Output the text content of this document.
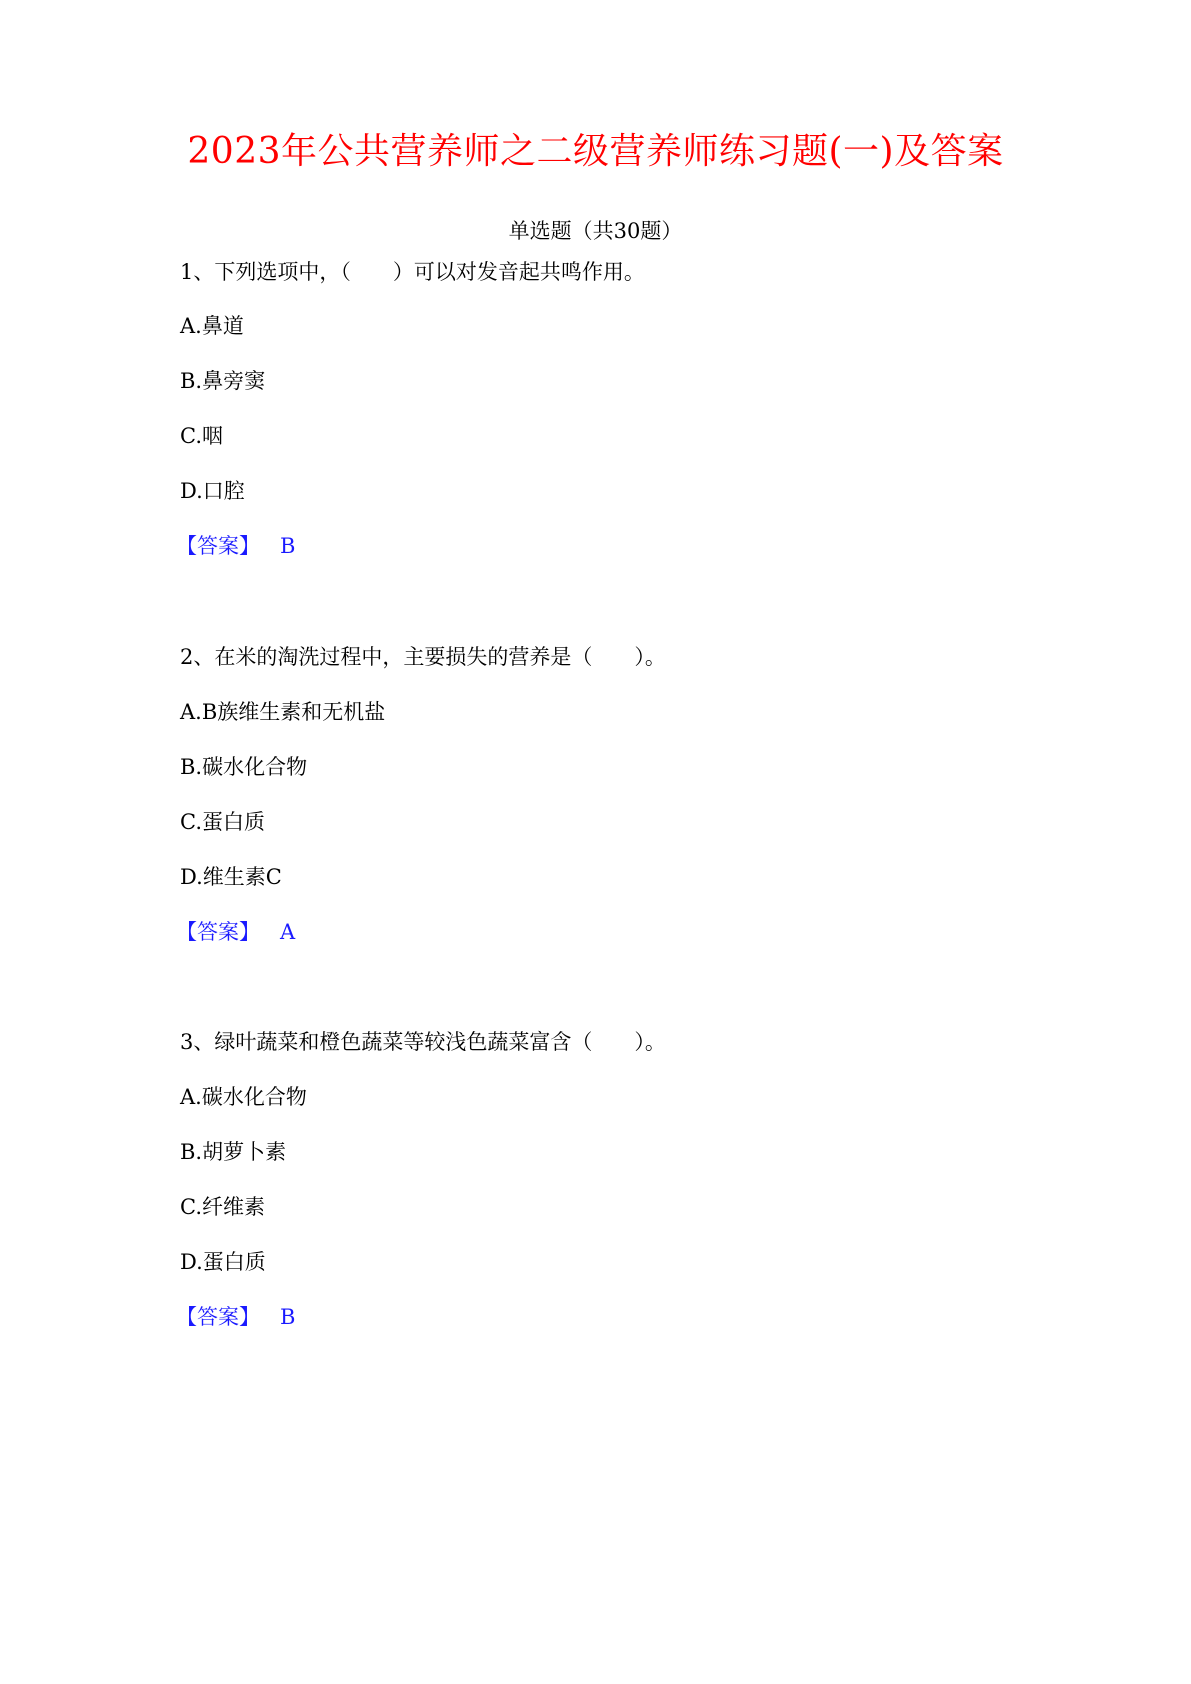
2023年公共营养师之二级营养师练习题(一)及答案
单选题（共30题）
1、下列选项中，（　　）可以对发音起共鸣作用。
A.鼻道
B.鼻旁窦
C.咽
D.口腔
【答案】 B
2、在米的淘洗过程中，主要损失的营养是（　　）。
A.B族维生素和无机盐
B.碳水化合物
C.蛋白质
D.维生素C
【答案】 A
3、绿叶蔬菜和橙色蔬菜等较浅色蔬菜富含（　　）。
A.碳水化合物
B.胡萝卜素
C.纤维素
D.蛋白质
【答案】 B
